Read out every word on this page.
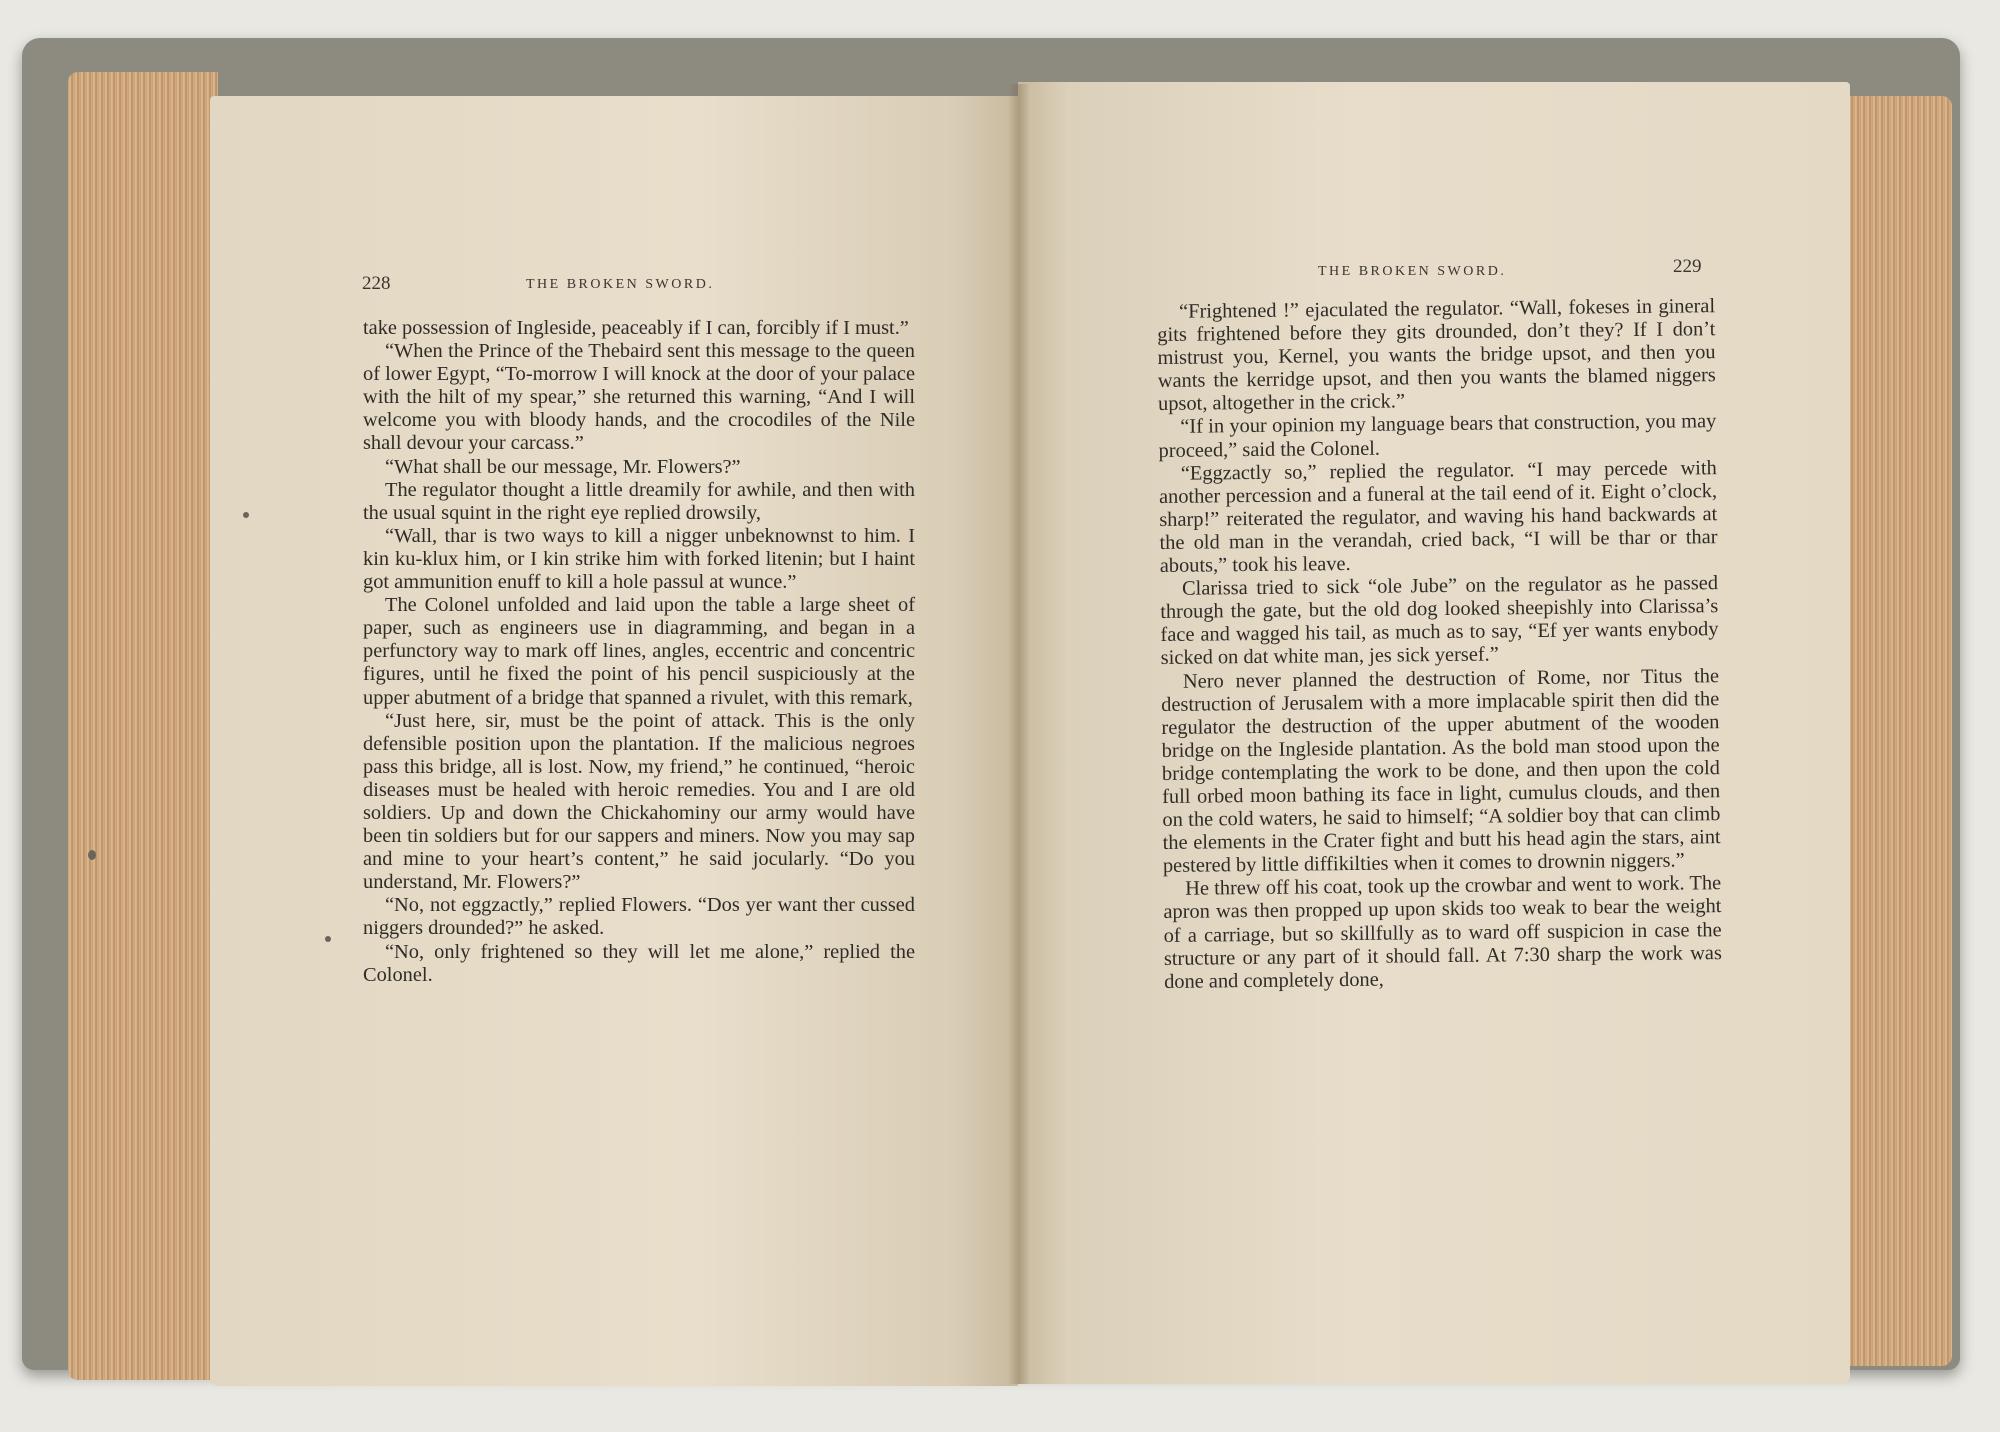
228	THE BROKEN SWORD.
THE BROKEN SWORD.	229

take possession of Ingleside, peaceably if I can, forcibly if I must.”

“When the Prince of the Thebaird sent this message to the queen of lower Egypt, “To-morrow I will knock at the door of your palace with the hilt of my spear,” she returned this warning, “And I will welcome you with bloody hands, and the crocodiles of the Nile shall devour your carcass.”

“What shall be our message, Mr. Flowers?”

The regulator thought a little dreamily for awhile, and then with the usual squint in the right eye replied drowsily,

“Wall, thar is two ways to kill a nigger unbeknownst to him. I kin ku-klux him, or I kin strike him with forked litenin; but I haint got ammunition enuff to kill a hole passul at wunce.”

The Colonel unfolded and laid upon the table a large sheet of paper, such as engineers use in diagramming, and began in a perfunctory way to mark off lines, angles, eccentric and concentric figures, until he fixed the point of his pencil suspiciously at the upper abutment of a bridge that spanned a rivulet, with this remark,

“Just here, sir, must be the point of attack. This is the only defensible position upon the plantation. If the malicious negroes pass this bridge, all is lost. Now, my friend,” he continued, “heroic diseases must be healed with heroic remedies. You and I are old soldiers. Up and down the Chickahominy our army would have been tin soldiers but for our sappers and miners. Now you may sap and mine to your heart’s content,” he said jocularly. “Do you understand, Mr. Flowers?”

“No, not eggzactly,” replied Flowers. “Dos yer want ther cussed niggers drounded?” he asked.

“No, only frightened so they will let me alone,” replied the Colonel.

“Frightened !” ejaculated the regulator. “Wall, fokeses in gineral gits frightened before they gits drounded, don’t they? If I don’t mistrust you, Kernel, you wants the bridge upsot, and then you wants the kerridge upsot, and then you wants the blamed niggers upsot, altogether in the crick.”

“If in your opinion my language bears that construction, you may proceed,” said the Colonel.

“Eggzactly so,” replied the regulator. “I may percede with another percession and a funeral at the tail eend of it. Eight o’clock, sharp!” reiterated the regulator, and waving his hand backwards at the old man in the verandah, cried back, “I will be thar or thar abouts,” took his leave.

Clarissa tried to sick “ole Jube” on the regulator as he passed through the gate, but the old dog looked sheepishly into Clarissa’s face and wagged his tail, as much as to say, “Ef yer wants enybody sicked on dat white man, jes sick yersef.”

Nero never planned the destruction of Rome, nor Titus the destruction of Jerusalem with a more implacable spirit then did the regulator the destruction of the upper abutment of the wooden bridge on the Ingleside plantation. As the bold man stood upon the bridge contemplating the work to be done, and then upon the cold full orbed moon bathing its face in light, cumulus clouds, and then on the cold waters, he said to himself; “A soldier boy that can climb the elements in the Crater fight and butt his head agin the stars, aint pestered by little diffikilties when it comes to drownin niggers.”

He threw off his coat, took up the crowbar and went to work. The apron was then propped up upon skids too weak to bear the weight of a carriage, but so skillfully as to ward off suspicion in case the structure or any part of it should fall. At 7:30 sharp the work was done and completely done,
